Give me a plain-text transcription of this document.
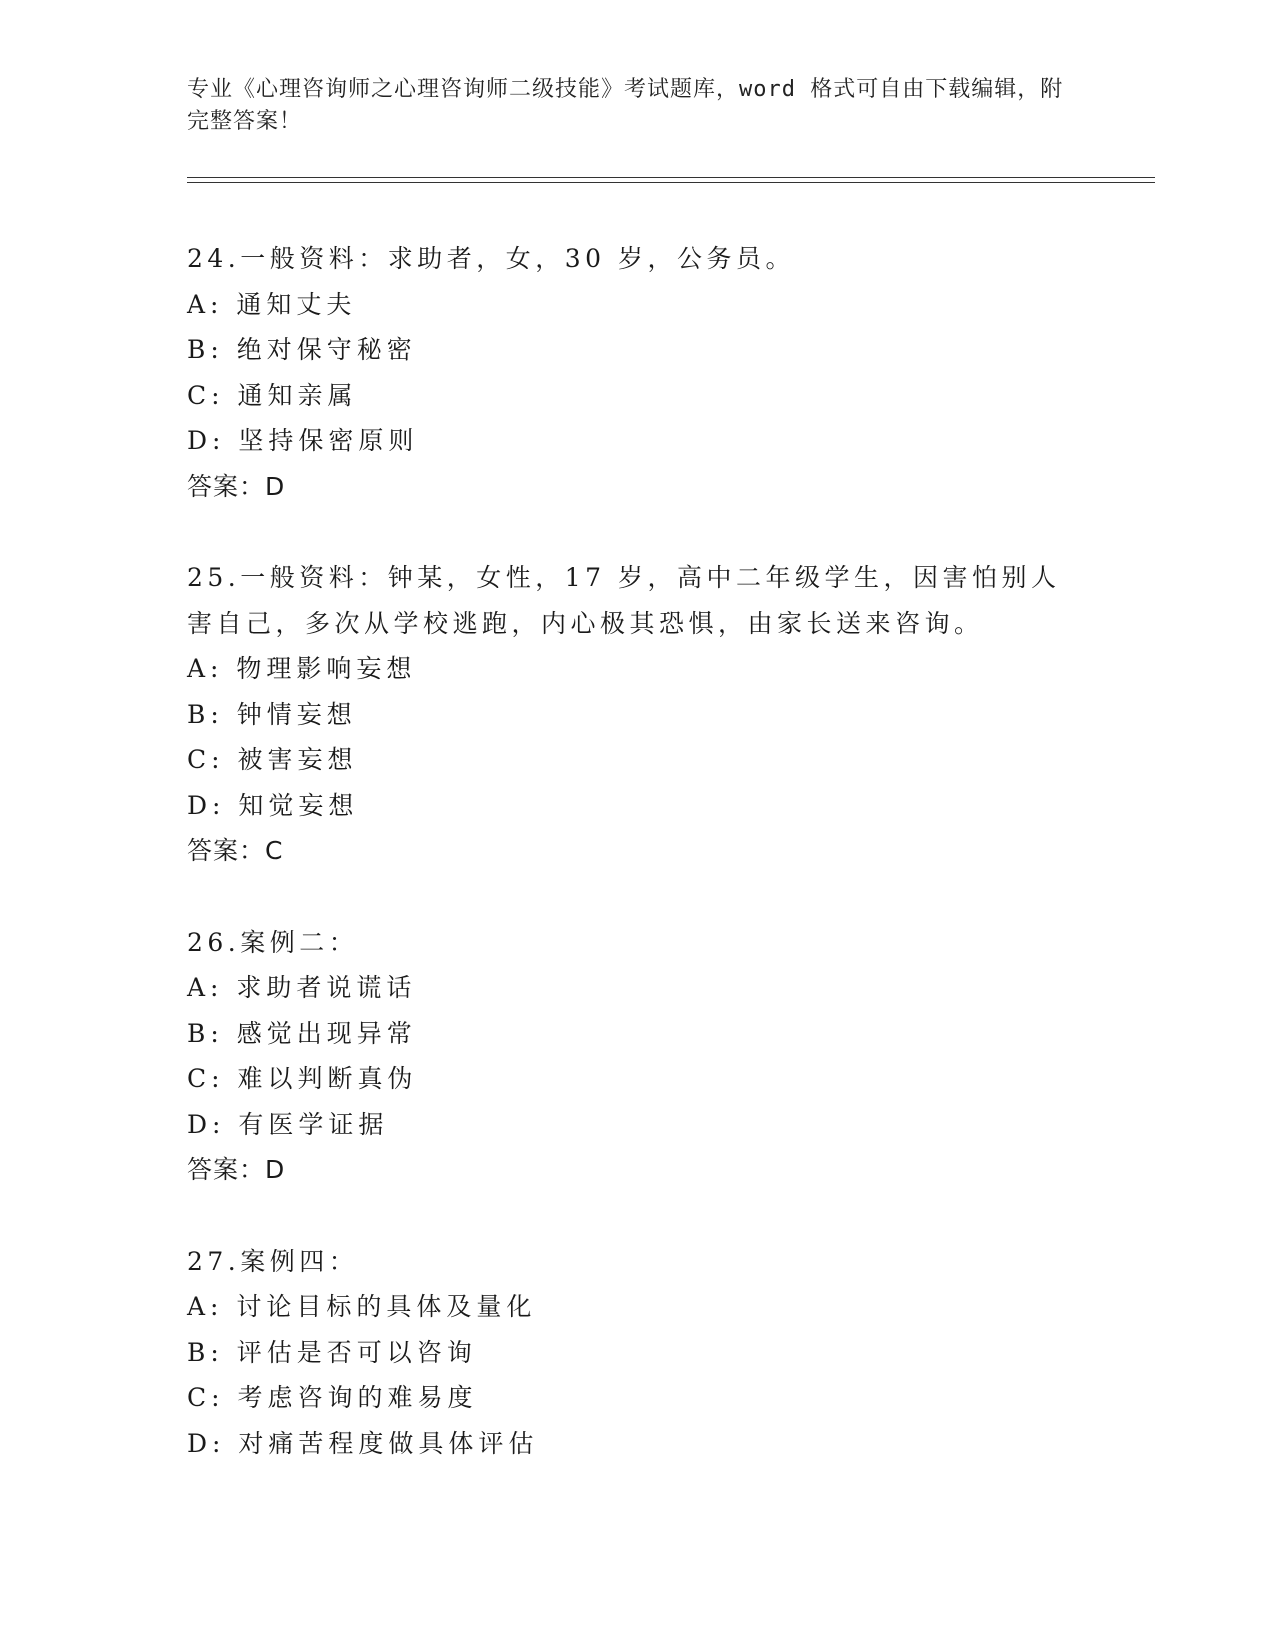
专业《心理咨询师之心理咨询师二级技能》考试题库，word 格式可自由下载编辑，附完整答案！

24.一般资料：求助者，女，30 岁，公务员。

A: 通知丈夫

B: 绝对保守秘密

C: 通知亲属

D: 坚持保密原则

答案：D

25.一般资料：钟某，女性，17 岁，高中二年级学生，因害怕别人害自己，多次从学校逃跑，内心极其恐惧，由家长送来咨询。

A: 物理影响妄想

B: 钟情妄想

C: 被害妄想

D: 知觉妄想

答案：C

26.案例二：

A: 求助者说谎话

B: 感觉出现异常

C: 难以判断真伪

D: 有医学证据

答案：D

27.案例四：

A: 讨论目标的具体及量化

B: 评估是否可以咨询

C: 考虑咨询的难易度

D: 对痛苦程度做具体评估
